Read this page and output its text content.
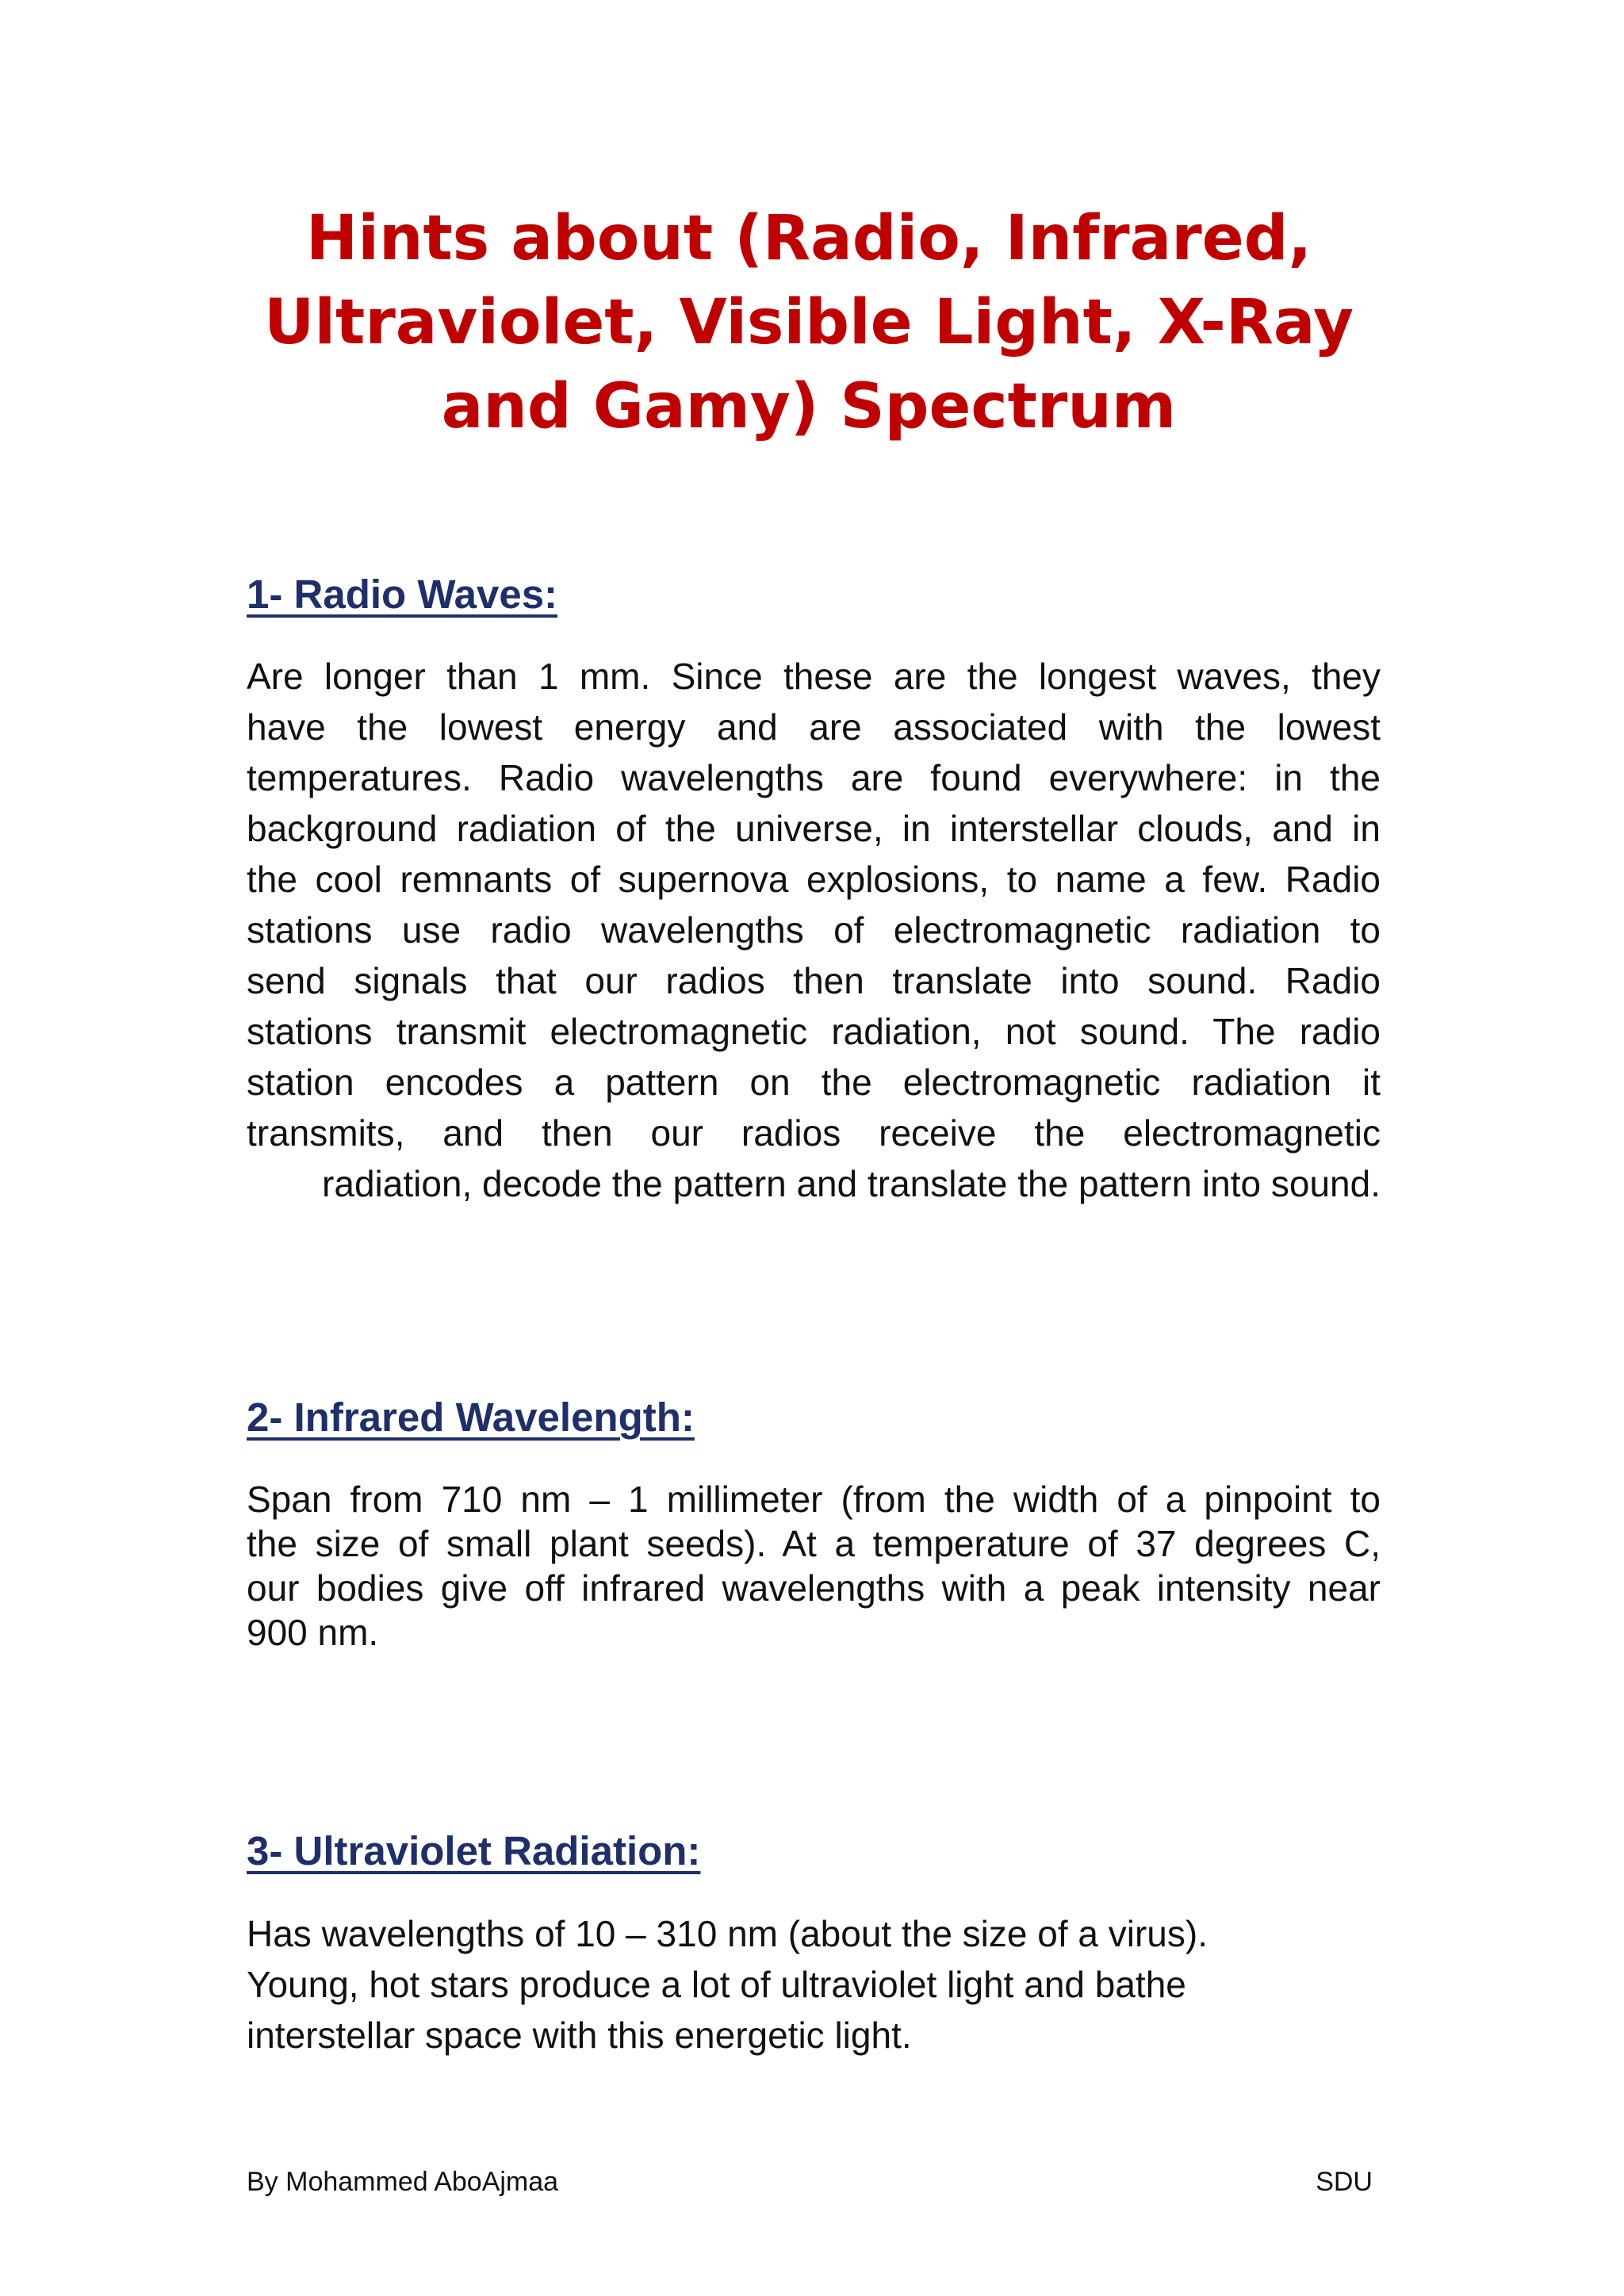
Hints about (Radio, Infrared,
Ultraviolet, Visible Light, X-Ray
and Gamy) Spectrum
1- Radio Waves:
Are longer than 1 mm. Since these are the longest waves, they
have the lowest energy and are associated with the lowest
temperatures. Radio wavelengths are found everywhere: in the
background radiation of the universe, in interstellar clouds, and in
the cool remnants of supernova explosions, to name a few. Radio
stations use radio wavelengths of electromagnetic radiation to
send signals that our radios then translate into sound. Radio
stations transmit electromagnetic radiation, not sound. The radio
station encodes a pattern on the electromagnetic radiation it
transmits, and then our radios receive the electromagnetic
radiation, decode the pattern and translate the pattern into sound.
2- Infrared Wavelength:
Span from 710 nm – 1 millimeter (from the width of a pinpoint to
the size of small plant seeds). At a temperature of 37 degrees C,
our bodies give off infrared wavelengths with a peak intensity near
900 nm.
3- Ultraviolet Radiation:
Has wavelengths of 10 – 310 nm (about the size of a virus).
Young, hot stars produce a lot of ultraviolet light and bathe
interstellar space with this energetic light.
By Mohammed AboAjmaa	SDU
